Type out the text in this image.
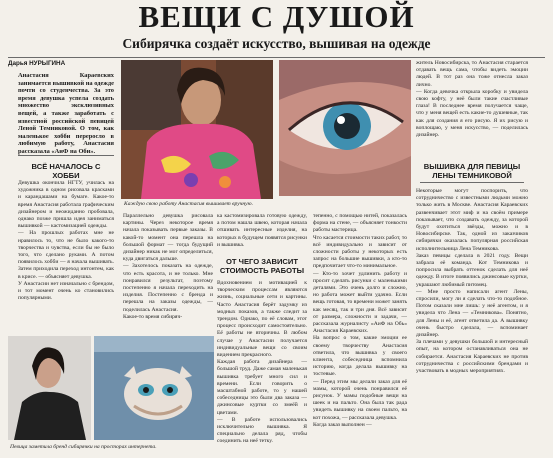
ВЕЩИ С ДУШОЙ
Сибирячка создаёт искусство, вышивая на одежде
Дарья НУРЫГИНА
Анастасия Караевских занимается вышивкой на одежде почти со студенчества. За это время девушка успела создать множество эксклюзивных вещей, а также заработать с известной российской певицей Леной Темниковой. О том, как маленькое хобби переросло в любимую работу, Анастасия рассказала «АиФ на Оби».
ВСЁ НАЧАЛОСЬ С ХОББИ
Девушка окончила НГТУ, училась на художника в одном рисовала красками и карандашами на бумаге. Какое-то время Анастасия работала графическим дизайнером и неожиданно пробовала, однако позже пришла идея заниматься вышивкой — кастомизацией одежды.
— На прошлых работах мне не нравилось то, что не было какого-то творчества и чувства, если бы не было того, что сделано руками. А потом появилось хобби — я начала вышивать. Затем приходила переход интонтем, как в крисе. — объясняет девушка.
У Анастасии нет изначально с брендом, и тот момент очень ко становились популярными.
Каждую свою работу Анастасия вышивает вручную.
Певица заметила бренд сибирячки на просторах интернета.
Параллельно девушка рисовала картины. Через некоторое время начала показывать первые заказы. В какой-то момент она перешла на большой формат — тогда будущий дизайнер никак не мог определиться, куда двигаться дальше.
— Захотелось показать на одежде, что есть красота, и не только. Мне понравился результат, поэтому постепенно я начала переходить на изделия. Постепенно с бренда и перешла на заказы одежды, — поделилась Анастасия.
Какое-то время сибиряч-
ка кастомизировала готовую одежду, а потом нашла швею, которая начала отшивать интересные изделия, на которых в будущем появятся рисунки и вышивка.
ОТ ЧЕГО ЗАВИСИТ СТОИМОСТЬ РАБОТЫ
Вдохновением и мотивацией к творческим процессам являются жизнь, социальные сети и картины. Часто Анастасия берёт задумку из модных показов, а также следит за трендом. Однако, по её словам, этот процесс происходит самостоятельно. Её работы не вторичны. В любом случае у Анастасии получается индивидуальные вещи со своим видением прекрасного.
Каждая работа дизайнера — большой труд. Даже самая маленькая вышивка требует много сил и времени. Если говорить о масштабной работе, то у нашей собеседницы это были два заказа — джинсовые куртки со змеёй и цветами.
— В работе использовались исключительно вышивка. Я специально делала ряд, чтобы соединить на неё тетку.
тепенно, с помощью нитей, показалась форма на стене, — объясняет тонкости работы мастерица.
Что касается стоимости таких работ, то всё индивидуально и зависит от сложности работы у некоторых есть запрос на большие вышивки, а кто-то предпочитает что-то минимальное.
— Кто-то хочет удлинить работу и просит сделать рисунки с маленькими деталями. Это очень долго и сложно, но работа может выйти удачно. Если вещь готовая, то времени может занять как месяц, так и три дня. Всё зависит от размера, сложности и задачи, — рассказала журналисту «АиФ на Обь» Анастасия Караевских.
На вопрос о том, какие эмоции ее своему творчеству Анастасия ответила, что вышивка у своего клиента, собеседница вспомнила историю, когда делала вышивку на тостевые.
— Перед этим мы делали заказ для её мамы, которой очень понравился её рисунок. У мамы подобные вещи на шеек и на пальто. Она была так рада увидеть вышивку на своем пальто, на кот похожа, — рассказала девушка.
Когда заказ выполнен —
житель Новосибирска, то Анастасия старается отдавать вещь сама, чтобы видеть эмоции людей. В тот раз она тоже отнесла заказ лично.
— Когда девочка открыла коробку и увидела свою кофту, у неё были такие счастливые глаза! В последнее время получается чаще, что у меня вещей есть какие-то душевные, так как для создания я его рисую. Я их рисую и воплощаю, у меня искусство, — поделилась дизайнер.
ВЫШИВКА ДЛЯ ПЕВИЦЫ ЛЕНЫ ТЕМНИКОВОЙ
Некоторые могут поспорить, что сотрудничество с известными людьми можно только жить в Москве. Анастасия Караевских развенчивает этот миф и на своём примере показывает, что создавать одежду, за которой будут охотиться звёзды, можно и в Новосибирске. Так, одной из заказчиков сибирячки оказалась популярная российская исполнительница Лена Темникова.
Заказ певицы сделала в 2021 году. Вещи забрала её команда. Кот Темникова и попросила выбрать оттенок сделать для неё одежду. В итоге появились джинсовые куртки, украшают любимый питомец.
— Мне просто написали агент Лены, спросили, могу ли я сделать что-то подобное. Потом сказали мне лишь: у неё агентом, и я увидела что Лена — «Темникова». Понятно, для Лены и её, агент ответила да. А вышивку очень быстро сделала, — вспоминает дизайнер.
За плечами у девушки большой и интересный опыт, на котором останавливаться она не собирается. Анастасия Караевских не против сотрудничества с российскими брендами и участвовать в модных мероприятиях.
